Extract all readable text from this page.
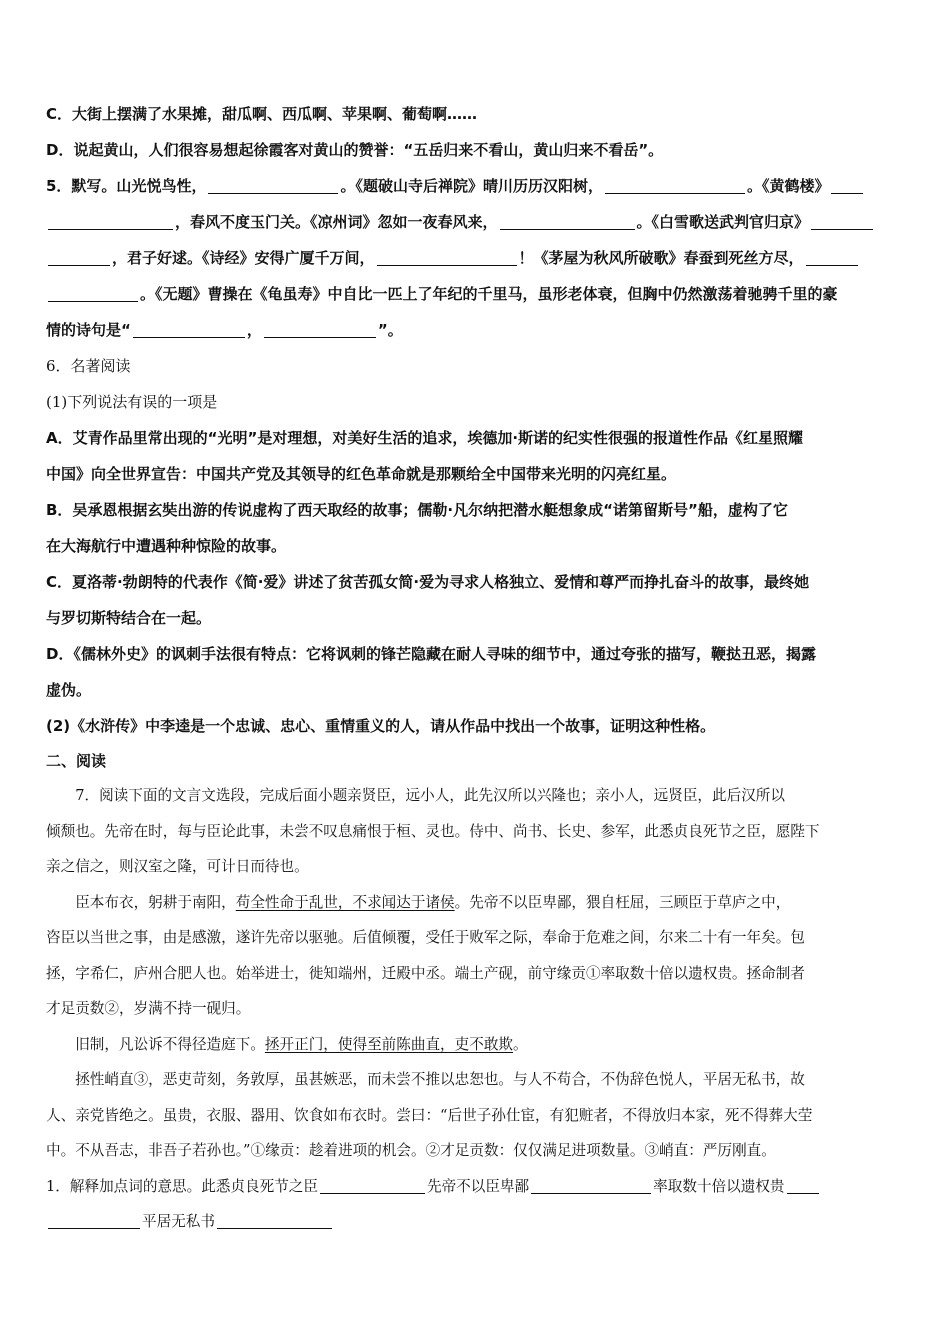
C．大街上摆满了水果摊，甜瓜啊、西瓜啊、苹果啊、葡萄啊……

D．说起黄山，人们很容易想起徐霞客对黄山的赞誉：“五岳归来不看山，黄山归来不看岳”。

5．默写。山光悦鸟性，	。《题破山寺后禅院》晴川历历汉阳树，	。《黄鹤楼》

，春风不度玉门关。《凉州词》忽如一夜春风来，	。《白雪歌送武判官归京》

，君子好逑。《诗经》安得广厦千万间，	！《茅屋为秋风所破歌》春蚕到死丝方尽，

。《无题》曹操在《龟虽寿》中自比一匹上了年纪的千里马，虽形老体衰，但胸中仍然激荡着驰骋千里的豪

情的诗句是“	，	”。

6．名著阅读

(1)下列说法有误的一项是

A．艾青作品里常出现的“光明”是对理想，对美好生活的追求，埃德加·斯诺的纪实性很强的报道性作品《红星照耀

中国》向全世界宣告：中国共产党及其领导的红色革命就是那颗给全中国带来光明的闪亮红星。

B．吴承恩根据玄奘出游的传说虚构了西天取经的故事；儒勒·凡尔纳把潜水艇想象成“诺第留斯号”船，虚构了它

在大海航行中遭遇种种惊险的故事。

C．夏洛蒂·勃朗特的代表作《简·爱》讲述了贫苦孤女简·爱为寻求人格独立、爱情和尊严而挣扎奋斗的故事，最终她

与罗切斯特结合在一起。

D．《儒林外史》的讽刺手法很有特点：它将讽刺的锋芒隐藏在耐人寻味的细节中，通过夸张的描写，鞭挞丑恶，揭露

虚伪。

(2)《水浒传》中李逵是一个忠诚、忠心、重情重义的人，请从作品中找出一个故事，证明这种性格。

二、阅读

7．阅读下面的文言文选段，完成后面小题亲贤臣，远小人，此先汉所以兴隆也；亲小人，远贤臣，此后汉所以

倾颓也。先帝在时，每与臣论此事，未尝不叹息痛恨于桓、灵也。侍中、尚书、长史、参军，此悉贞良死节之臣，愿陛下

亲之信之，则汉室之隆，可计日而待也。

臣本布衣，躬耕于南阳，苟全性命于乱世，不求闻达于诸侯。先帝不以臣卑鄙，猥自枉屈，三顾臣于草庐之中，

咨臣以当世之事，由是感激，遂许先帝以驱驰。后值倾覆，受任于败军之际，奉命于危难之间，尔来二十有一年矣。包

拯，字希仁，庐州合肥人也。始举进士，徙知端州，迁殿中丞。端土产砚，前守缘贡①率取数十倍以遗权贵。拯命制者

才足贡数②，岁满不持一砚归。

旧制，凡讼诉不得径造庭下。拯开正门，使得至前陈曲直，吏不敢欺。

拯性峭直③，恶吏苛刻，务敦厚，虽甚嫉恶，而未尝不推以忠恕也。与人不苟合，不伪辞色悦人，平居无私书，故

人、亲党皆绝之。虽贵，衣服、器用、饮食如布衣时。尝曰：“后世子孙仕宦，有犯赃者，不得放归本家，死不得葬大茔

中。不从吾志，非吾子若孙也。”①缘贡：趁着进项的机会。②才足贡数：仅仅满足进项数量。③峭直：严厉刚直。

1．解释加点词的意思。此悉贞良死节之臣	先帝不以臣卑鄙	率取数十倍以遗权贵

平居无私书
